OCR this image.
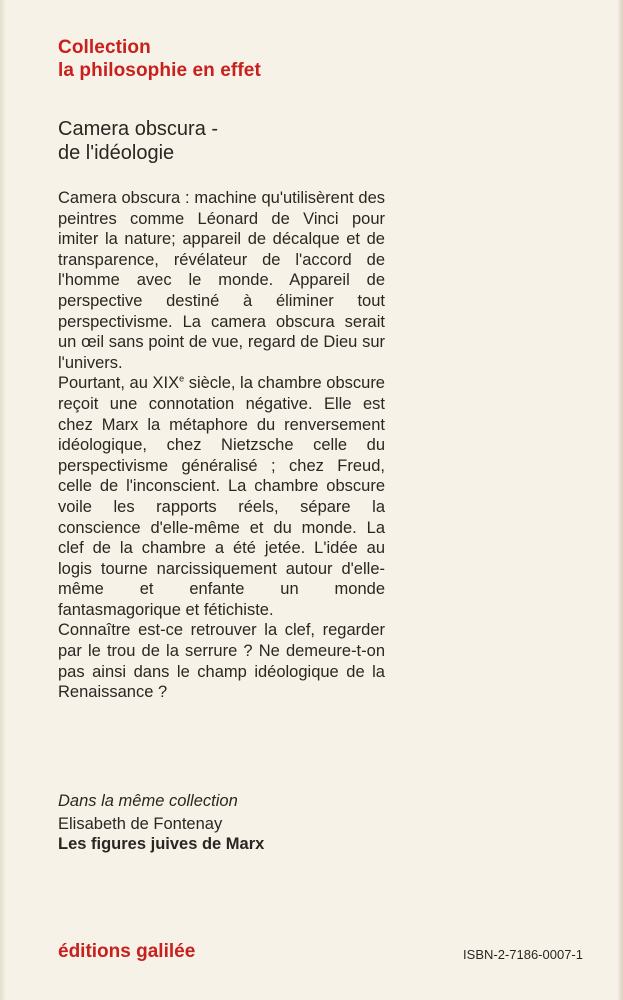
Collection
la philosophie en effet
Camera obscura -
de l'idéologie

Camera obscura : machine qu'utilisèrent des peintres comme Léonard de Vinci pour imiter la nature; appareil de décalque et de transparence, révélateur de l'accord de l'homme avec le monde. Appareil de perspective destiné à éliminer tout perspectivisme. La camera obscura serait un œil sans point de vue, regard de Dieu sur l'univers.

Pourtant, au XIXe siècle, la chambre obscure reçoit une connotation négative. Elle est chez Marx la métaphore du renversement idéologique, chez Nietzsche celle du perspectivisme généralisé ; chez Freud, celle de l'inconscient. La chambre obscure voile les rapports réels, sépare la conscience d'elle-même et du monde. La clef de la chambre a été jetée. L'idée au logis tourne narcissiquement autour d'elle-même et enfante un monde fantasmagorique et fétichiste.

Connaître est-ce retrouver la clef, regarder par le trou de la serrure ? Ne demeure-t-on pas ainsi dans le champ idéologique de la Renaissance ?

Dans la même collection
Elisabeth de Fontenay
Les figures juives de Marx
éditions galilée	ISBN-2-7186-0007-1
